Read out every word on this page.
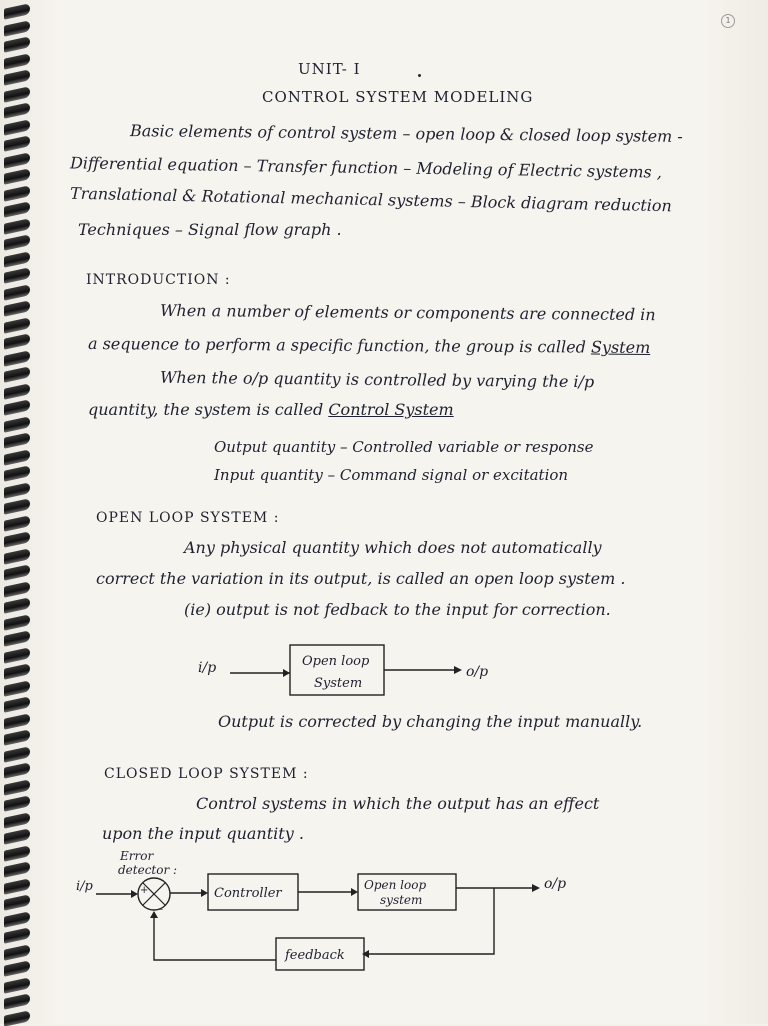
1
UNIT- I
CONTROL SYSTEM MODELING
Basic elements of control system – open loop & closed loop system -
Differential equation – Transfer function – Modeling of Electric systems ,
Translational & Rotational mechanical systems – Block diagram reduction
Techniques – Signal flow graph .
INTRODUCTION :
When a number of elements or components are connected in
a sequence to perform a specific function, the group is called System
When the o/p quantity is controlled by varying the i/p
quantity, the system is called Control System
Output quantity – Controlled variable or response
Input quantity – Command signal or excitation
OPEN LOOP SYSTEM :
Any physical quantity which does not automatically
correct the variation in its output, is called an open loop system .
(ie) output is not fedback to the input for correction.
i/p	Open loop
System
o/p
Output is corrected by changing the input manually.
CLOSED LOOP SYSTEM :
Control systems in which the output has an effect
upon the input quantity .
Error
detector :
i/p	+
–
Controller
Open loop
system
o/p
feedback
